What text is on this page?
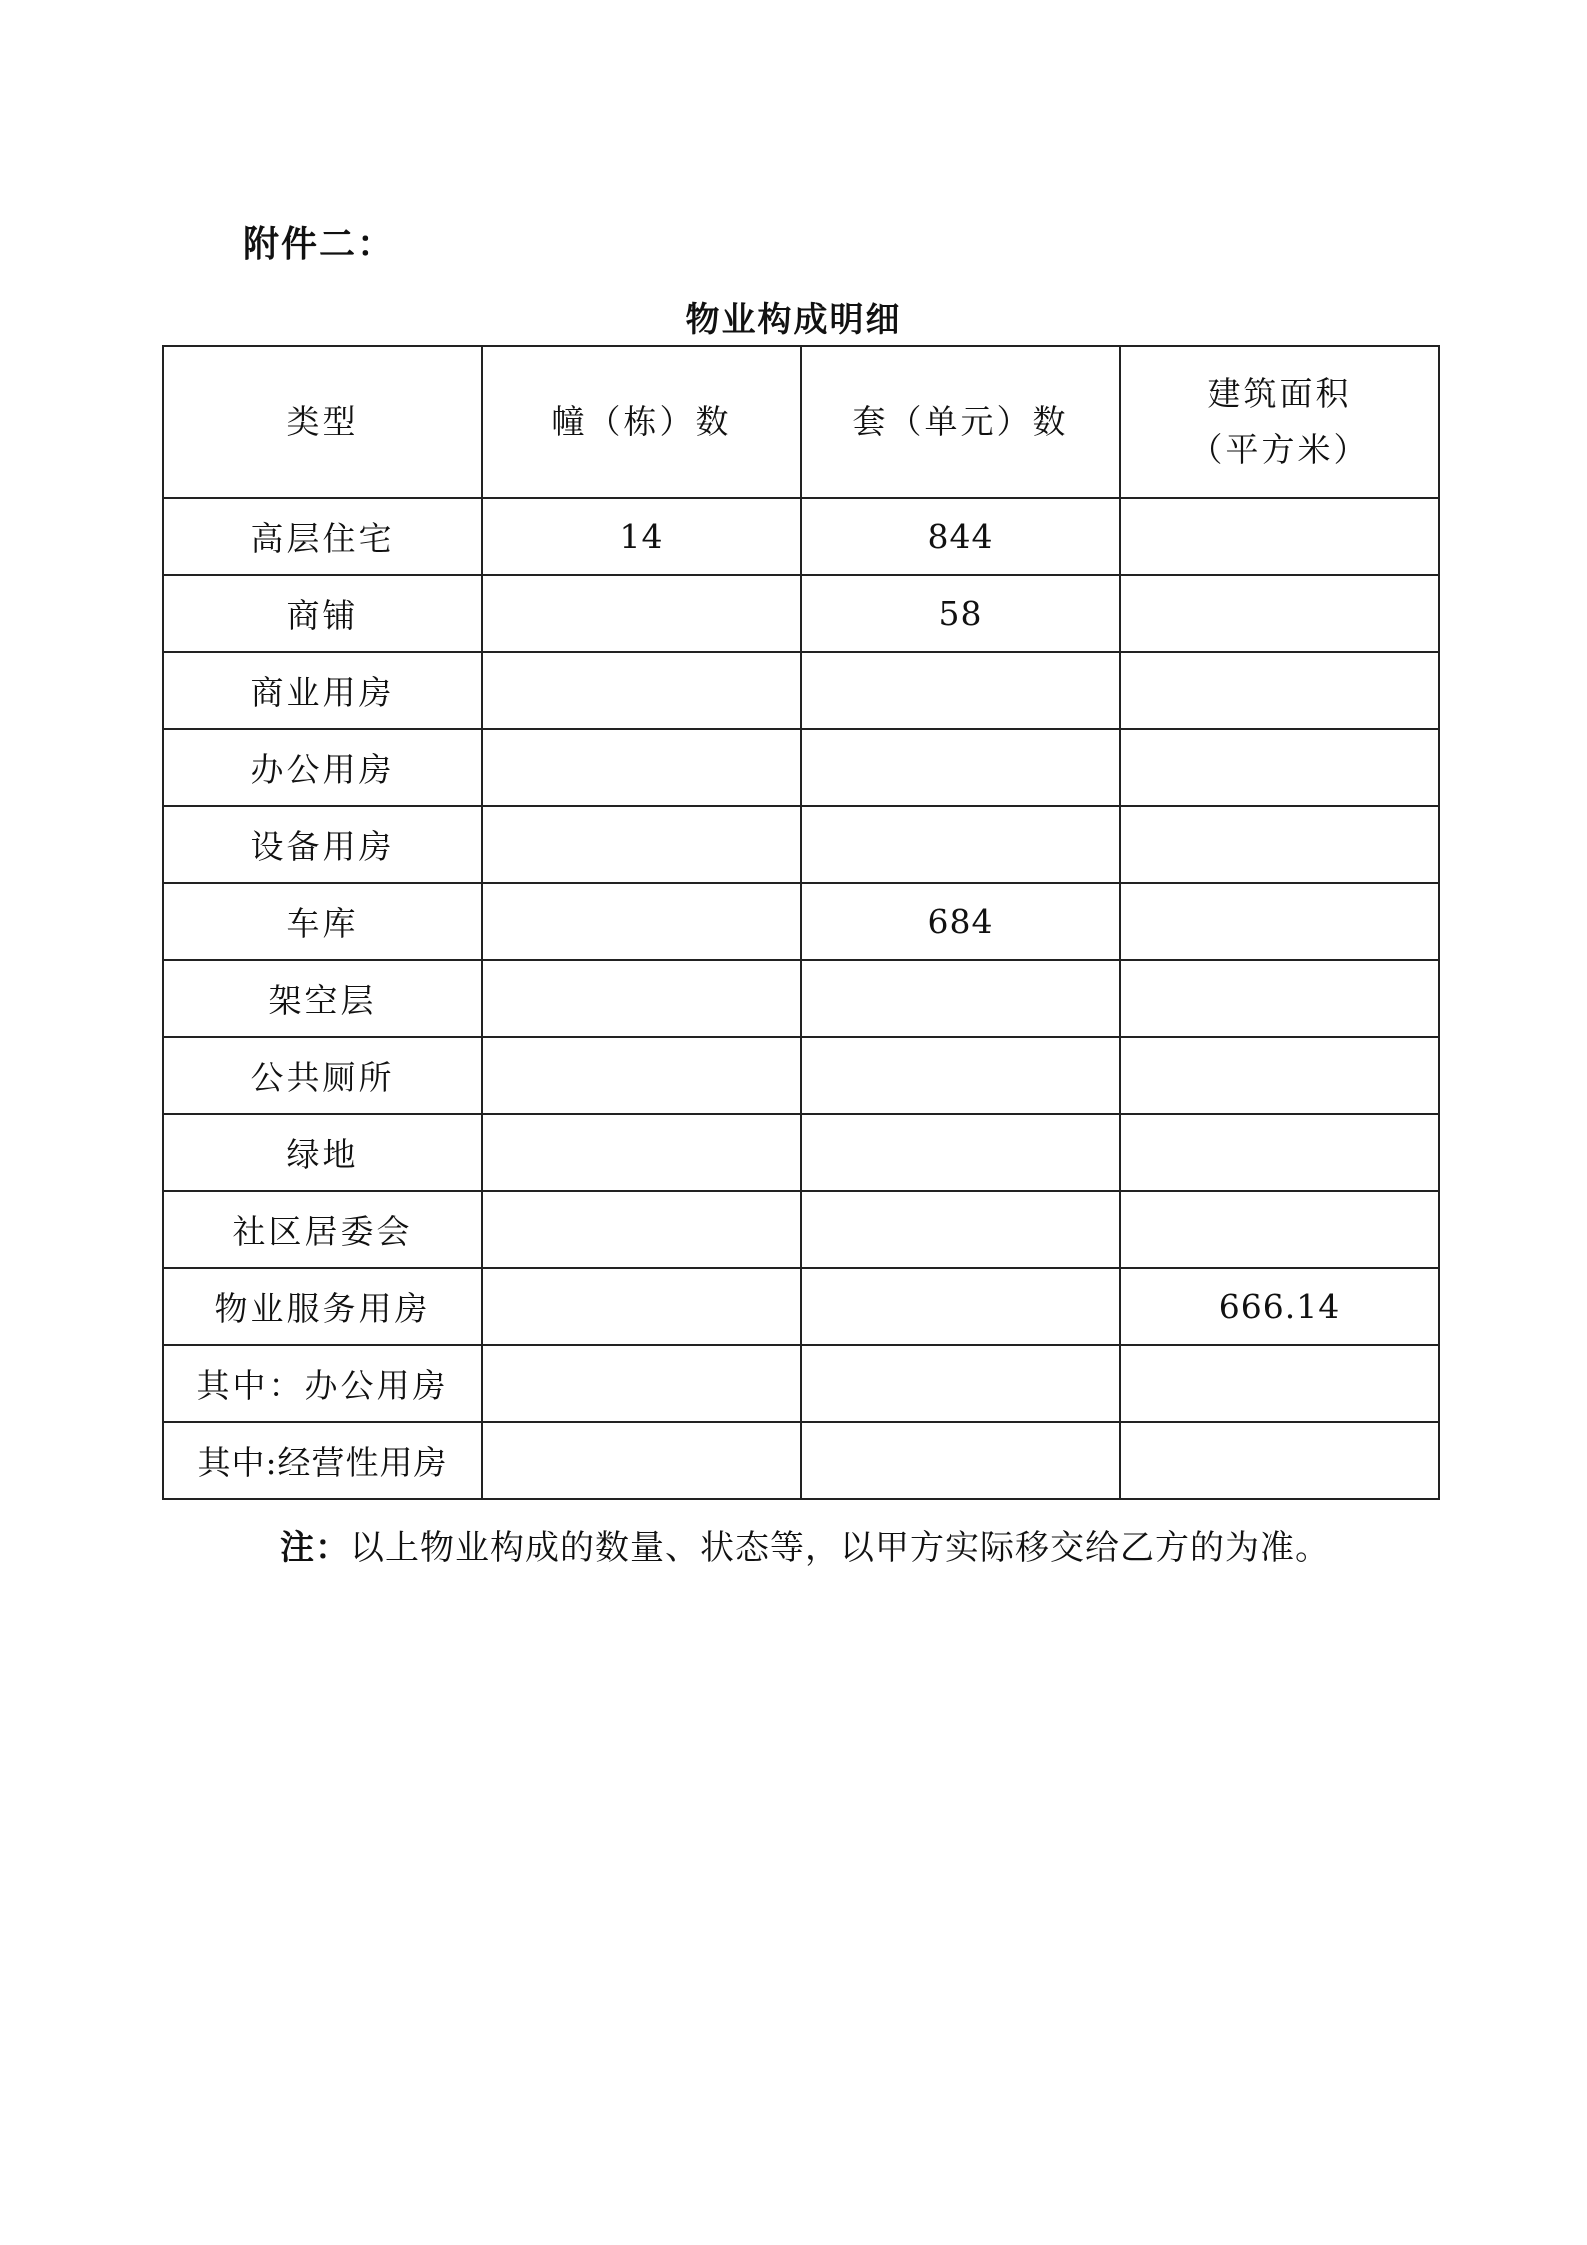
附件二：
物业构成明细
类型	幢（栋）数	套（单元）数	建筑面积
（平方米）
高层住宅	14	844	
商铺		58	
商业用房			
办公用房			
设备用房			
车库		684	
架空层			
公共厕所			
绿地			
社区居委会			
物业服务用房			666.14
其中：办公用房			
其中:经营性用房			
注：以上物业构成的数量、状态等，以甲方实际移交给乙方的为准。
